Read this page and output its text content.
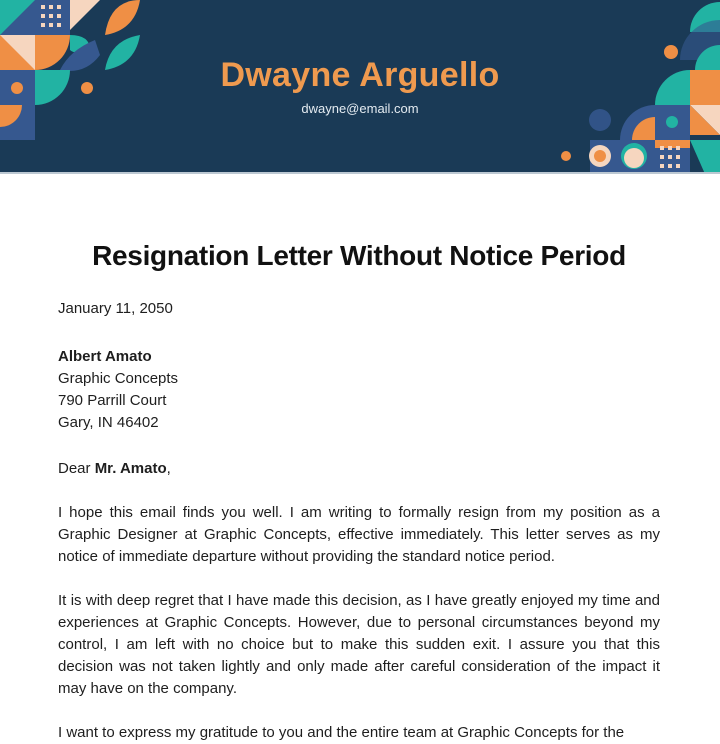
Dwayne Arguello
dwayne@email.com
Resignation Letter Without Notice Period
January 11, 2050
Albert Amato
Graphic Concepts
790 Parrill Court
Gary, IN 46402
Dear Mr. Amato,

I hope this email finds you well. I am writing to formally resign from my position as a Graphic Designer at Graphic Concepts, effective immediately. This letter serves as my notice of immediate departure without providing the standard notice period.

It is with deep regret that I have made this decision, as I have greatly enjoyed my time and experiences at Graphic Concepts. However, due to personal circumstances beyond my control, I am left with no choice but to make this sudden exit. I assure you that this decision was not taken lightly and only made after careful consideration of the impact it may have on the company.

I want to express my gratitude to you and the entire team at Graphic Concepts for the
